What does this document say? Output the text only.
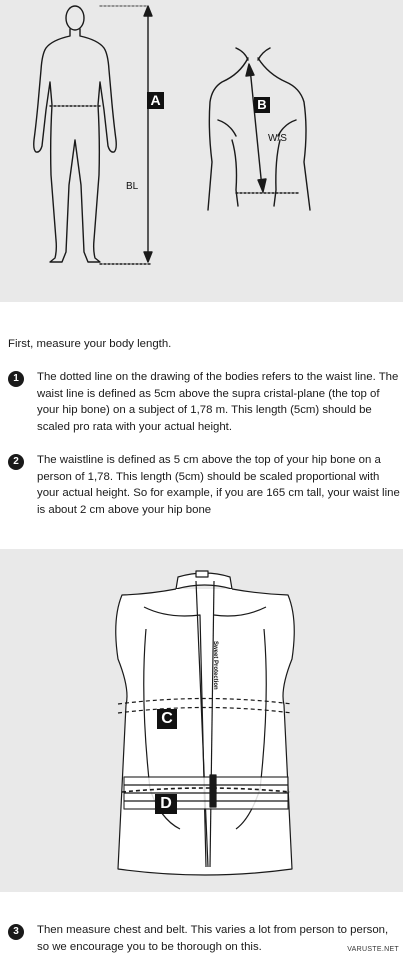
A	B
BL
W/S
First, measure your body length.
1	The dotted line on the drawing of the bodies refers to the waist line. The waist line is defined as 5cm above the supra cristal-plane (the top of your hip bone) on a subject of 1,78 m. This length (5cm) should be scaled pro rata with your actual height.
2	The waistline is defined as 5 cm above the top of your hip bone on a person of 1,78. This length (5cm) should be scaled proportional with your actual height. So for example, if you are 165 cm tall, your waist line is about 2 cm above your hip bone
C
D
Sweet Protection
3	Then measure chest and belt. This varies a lot from person to person, so we encourage you to be thorough on this.	VARUSTE.NET
